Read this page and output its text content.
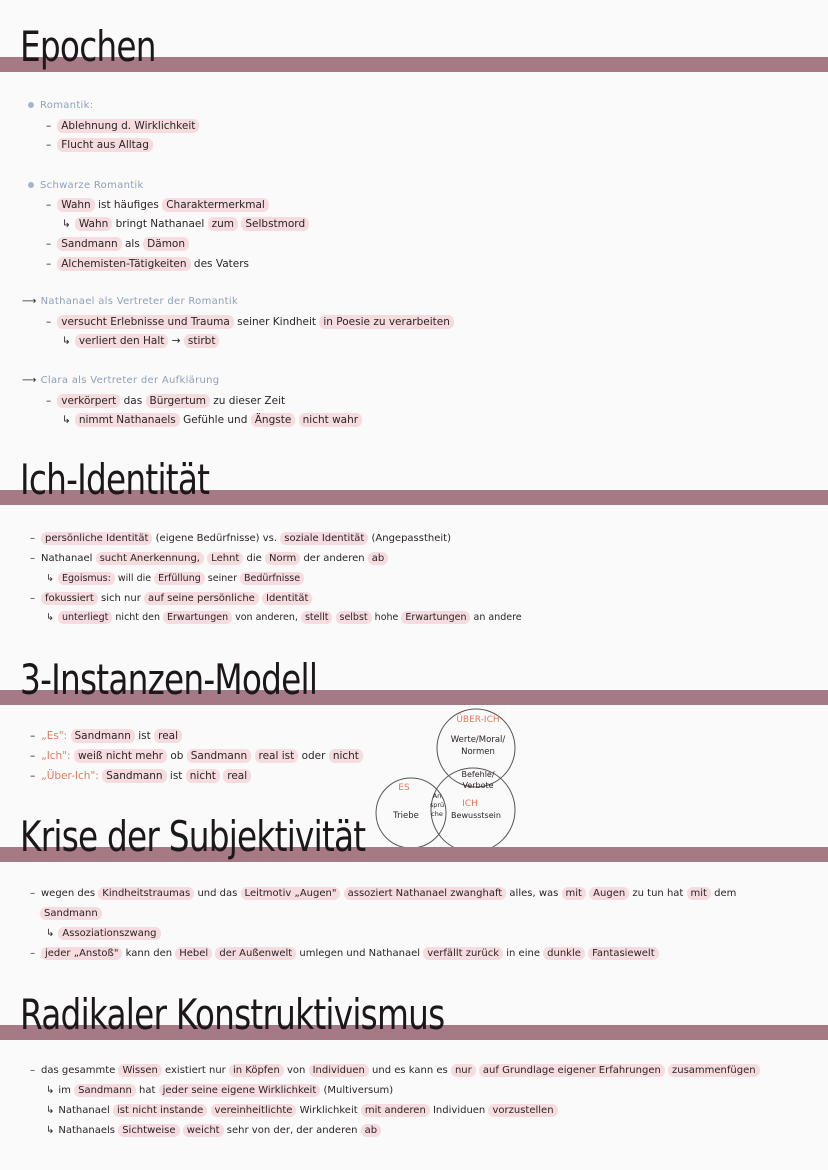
Epochen
Romantik:
– Ablehnung d. Wirklichkeit
– Flucht aus Alltag
Schwarze Romantik
– Wahn ist häufiges Charaktermerkmal
↳ Wahn bringt Nathanael zum Selbstmord
– Sandmann als Dämon
– Alchemisten-Tätigkeiten des Vaters
⟶ Nathanael als Vertreter der Romantik
– versucht Erlebnisse und Trauma seiner Kindheit in Poesie zu verarbeiten
↳ verliert den Halt → stirbt
⟶ Clara als Vertreter der Aufklärung
– verkörpert das Bürgertum zu dieser Zeit
↳ nimmt Nathanaels Gefühle und Ängste nicht wahr
Ich-Identität
– persönliche Identität (eigene Bedürfnisse) vs. soziale Identität (Angepasstheit)
– Nathanael sucht Anerkennung, Lehnt die Norm der anderen ab
↳ Egoismus: will die Erfüllung seiner Bedürfnisse
– fokussiert sich nur auf seine persönliche Identität
↳ unterliegt nicht den Erwartungen von anderen, stellt selbst hohe Erwartungen an andere
3-Instanzen-Modell
– „Es": Sandmann ist real
– „Ich": weiß nicht mehr ob Sandmann real ist oder nicht
– „Über-Ich": Sandmann ist nicht real
ÜBER-ICH
Werte/Moral/
Normen
Befehle/
Verbote
ES
Triebe
ICH
Bewusstsein
An
sprü
che
Krise der Subjektivität
– wegen des Kindheitstraumas und das Leitmotiv „Augen" assoziert Nathanael zwanghaft alles, was mit Augen zu tun hat mit dem
Sandmann
↳ Assoziationszwang
– jeder „Anstoß" kann den Hebel der Außenwelt umlegen und Nathanael verfällt zurück in eine dunkle Fantasiewelt
Radikaler Konstruktivismus
– das gesammte Wissen existiert nur in Köpfen von Individuen und es kann es nur auf Grundlage eigener Erfahrungen zusammenfügen
↳ im Sandmann hat jeder seine eigene Wirklichkeit (Multiversum)
↳ Nathanael ist nicht instande vereinheitlichte Wirklichkeit mit anderen Individuen vorzustellen
↳ Nathanaels Sichtweise weicht sehr von der, der anderen ab
